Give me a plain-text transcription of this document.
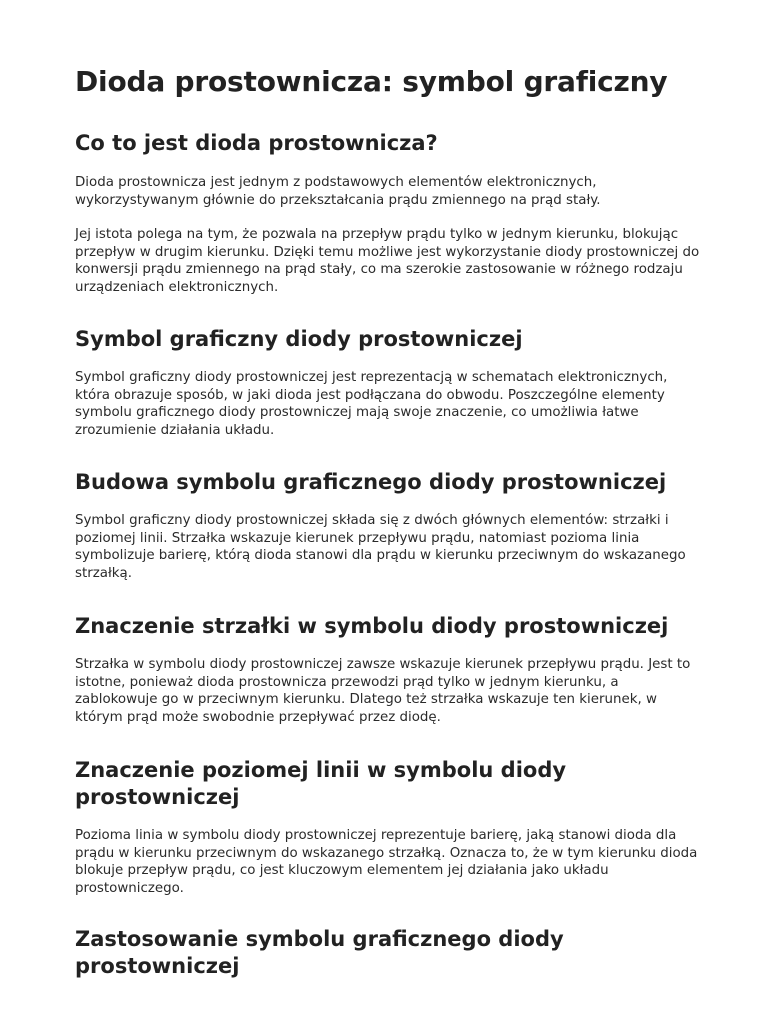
Dioda prostownicza: symbol graficzny
Co to jest dioda prostownicza?

Dioda prostownicza jest jednym z podstawowych elementów elektronicznych, wykorzystywanym głównie do przekształcania prądu zmiennego na prąd stały.

Jej istota polega na tym, że pozwala na przepływ prądu tylko w jednym kierunku, blokując przepływ w drugim kierunku. Dzięki temu możliwe jest wykorzystanie diody prostowniczej do konwersji prądu zmiennego na prąd stały, co ma szerokie zastosowanie w różnego rodzaju urządzeniach elektronicznych.

Symbol graficzny diody prostowniczej

Symbol graficzny diody prostowniczej jest reprezentacją w schematach elektronicznych, która obrazuje sposób, w jaki dioda jest podłączana do obwodu. Poszczególne elementy symbolu graficznego diody prostowniczej mają swoje znaczenie, co umożliwia łatwe zrozumienie działania układu.

Budowa symbolu graficznego diody prostowniczej

Symbol graficzny diody prostowniczej składa się z dwóch głównych elementów: strzałki i poziomej linii. Strzałka wskazuje kierunek przepływu prądu, natomiast pozioma linia symbolizuje barierę, którą dioda stanowi dla prądu w kierunku przeciwnym do wskazanego strzałką.

Znaczenie strzałki w symbolu diody prostowniczej

Strzałka w symbolu diody prostowniczej zawsze wskazuje kierunek przepływu prądu. Jest to istotne, ponieważ dioda prostownicza przewodzi prąd tylko w jednym kierunku, a zablokowuje go w przeciwnym kierunku. Dlatego też strzałka wskazuje ten kierunek, w którym prąd może swobodnie przepływać przez diodę.

Znaczenie poziomej linii w symbolu diody prostowniczej

Pozioma linia w symbolu diody prostowniczej reprezentuje barierę, jaką stanowi dioda dla prądu w kierunku przeciwnym do wskazanego strzałką. Oznacza to, że w tym kierunku dioda blokuje przepływ prądu, co jest kluczowym elementem jej działania jako układu prostowniczego.

Zastosowanie symbolu graficznego diody prostowniczej
